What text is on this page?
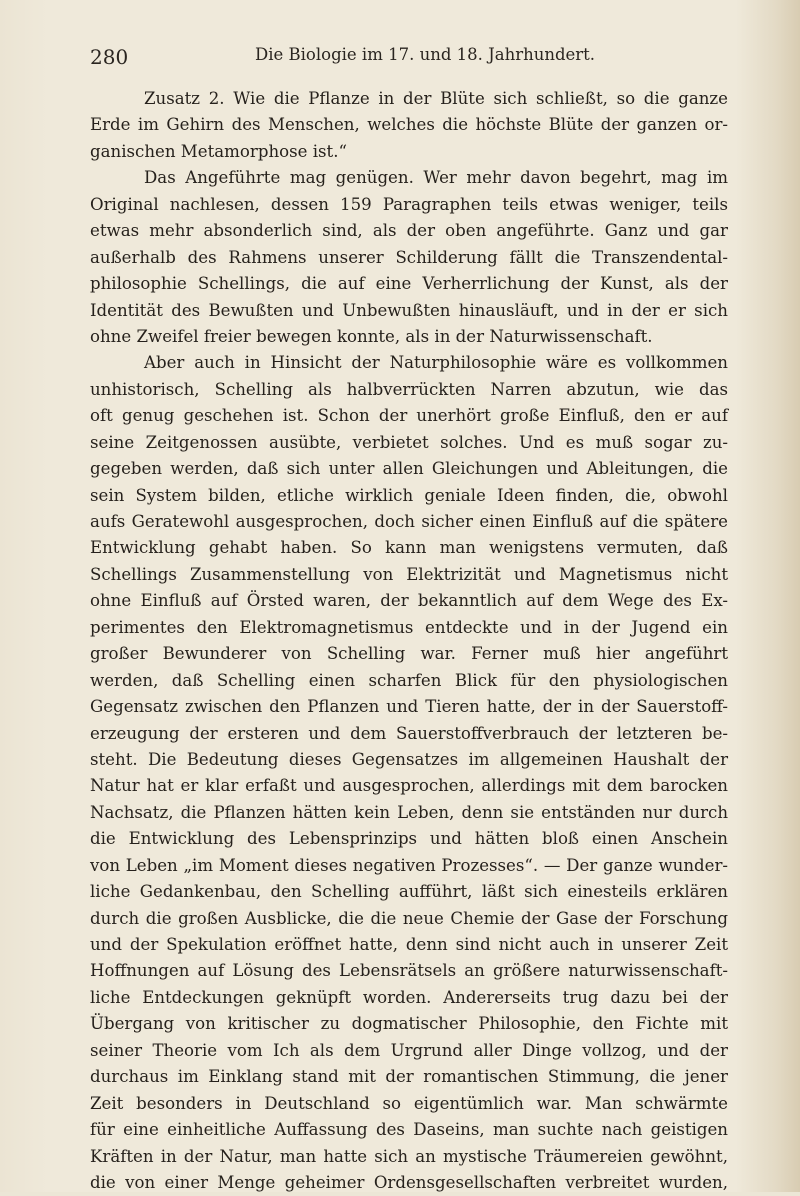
280	Die Biologie im 17. und 18. Jahrhundert.
Zusatz 2. Wie die Pflanze in der Blüte sich schließt, so die ganze
Erde im Gehirn des Menschen, welches die höchste Blüte der ganzen or-
ganischen Metamorphose ist.“
Das Angeführte mag genügen. Wer mehr davon begehrt, mag im
Original nachlesen, dessen 159 Paragraphen teils etwas weniger, teils
etwas mehr absonderlich sind, als der oben angeführte. Ganz und gar
außerhalb des Rahmens unserer Schilderung fällt die Transzendental-
philosophie Schellings, die auf eine Verherrlichung der Kunst, als der
Identität des Bewußten und Unbewußten hinausläuft, und in der er sich
ohne Zweifel freier bewegen konnte, als in der Naturwissenschaft.
Aber auch in Hinsicht der Naturphilosophie wäre es vollkommen
unhistorisch, Schelling als halbverrückten Narren abzutun, wie das
oft genug geschehen ist. Schon der unerhört große Einfluß, den er auf
seine Zeitgenossen ausübte, verbietet solches. Und es muß sogar zu-
gegeben werden, daß sich unter allen Gleichungen und Ableitungen, die
sein System bilden, etliche wirklich geniale Ideen finden, die, obwohl
aufs Geratewohl ausgesprochen, doch sicher einen Einfluß auf die spätere
Entwicklung gehabt haben. So kann man wenigstens vermuten, daß
Schellings Zusammenstellung von Elektrizität und Magnetismus nicht
ohne Einfluß auf Örsted waren, der bekanntlich auf dem Wege des Ex-
perimentes den Elektromagnetismus entdeckte und in der Jugend ein
großer Bewunderer von Schelling war. Ferner muß hier angeführt
werden, daß Schelling einen scharfen Blick für den physiologischen
Gegensatz zwischen den Pflanzen und Tieren hatte, der in der Sauerstoff-
erzeugung der ersteren und dem Sauerstoffverbrauch der letzteren be-
steht. Die Bedeutung dieses Gegensatzes im allgemeinen Haushalt der
Natur hat er klar erfaßt und ausgesprochen, allerdings mit dem barocken
Nachsatz, die Pflanzen hätten kein Leben, denn sie entständen nur durch
die Entwicklung des Lebensprinzips und hätten bloß einen Anschein
von Leben „im Moment dieses negativen Prozesses“. — Der ganze wunder-
liche Gedankenbau, den Schelling aufführt, läßt sich einesteils erklären
durch die großen Ausblicke, die die neue Chemie der Gase der Forschung
und der Spekulation eröffnet hatte, denn sind nicht auch in unserer Zeit
Hoffnungen auf Lösung des Lebensrätsels an größere naturwissenschaft-
liche Entdeckungen geknüpft worden. Andererseits trug dazu bei der
Übergang von kritischer zu dogmatischer Philosophie, den Fichte mit
seiner Theorie vom Ich als dem Urgrund aller Dinge vollzog, und der
durchaus im Einklang stand mit der romantischen Stimmung, die jener
Zeit besonders in Deutschland so eigentümlich war. Man schwärmte
für eine einheitliche Auffassung des Daseins, man suchte nach geistigen
Kräften in der Natur, man hatte sich an mystische Träumereien gewöhnt,
die von einer Menge geheimer Ordensgesellschaften verbreitet wurden,
